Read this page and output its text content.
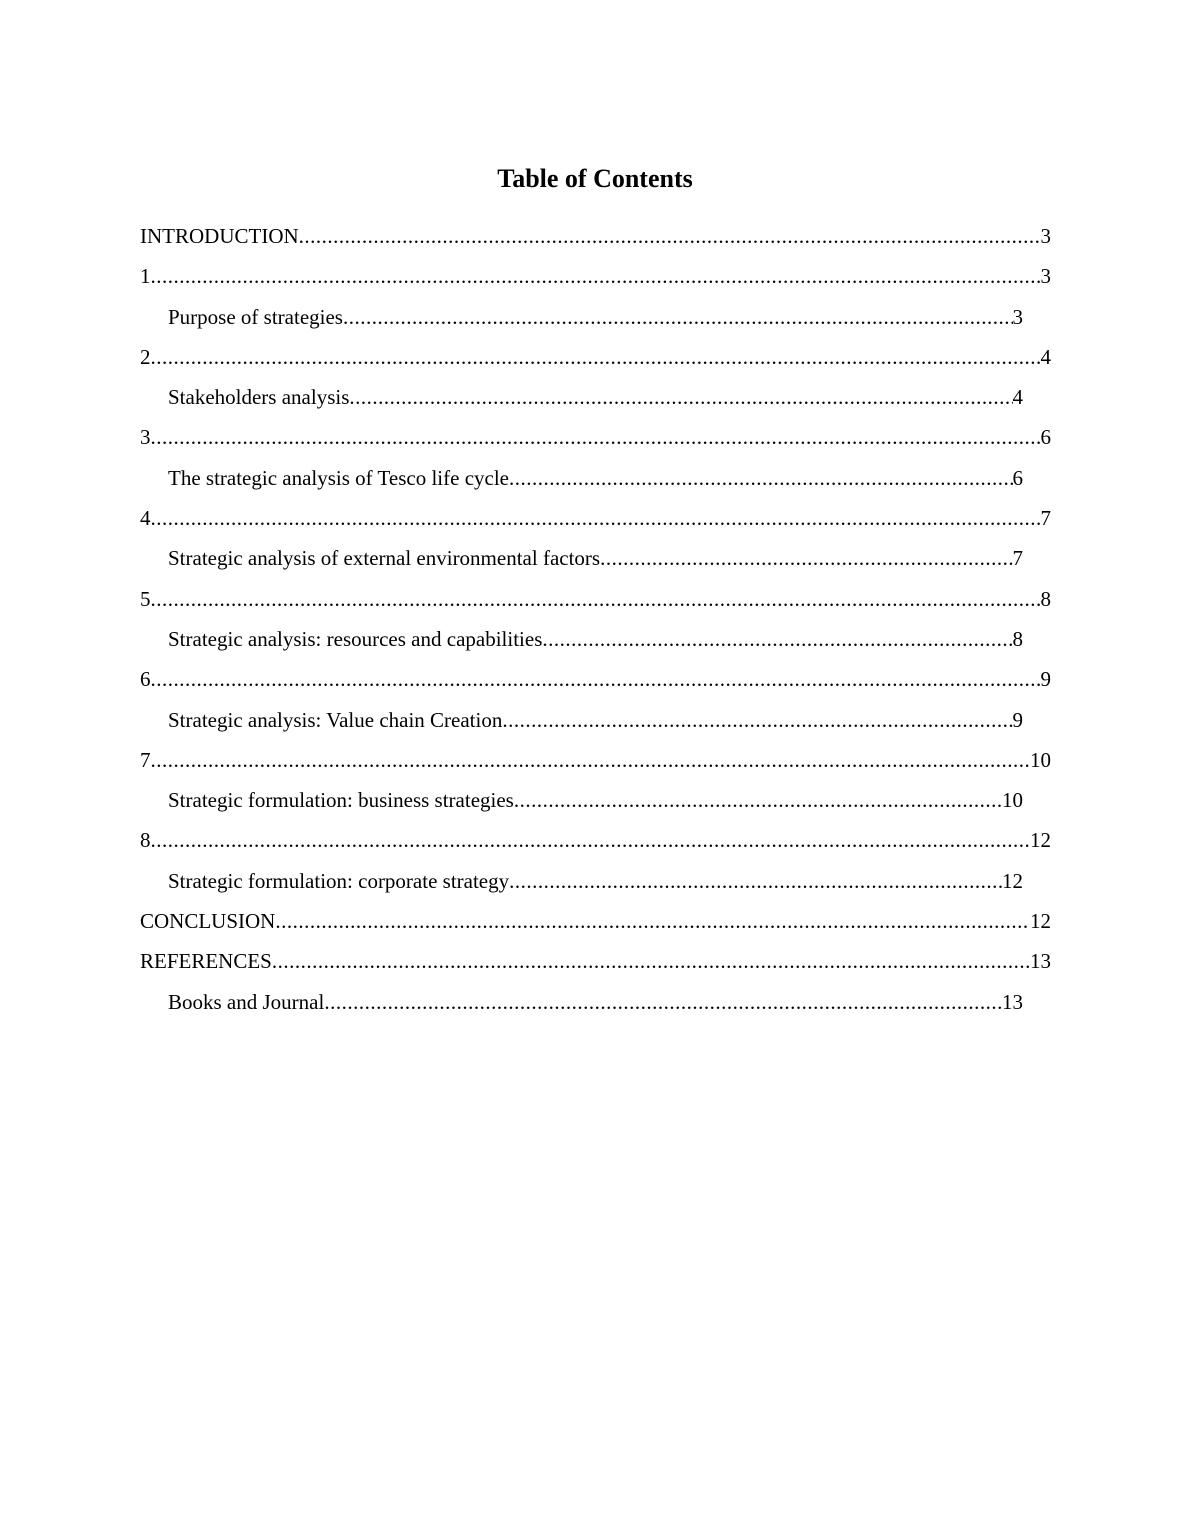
Table of Contents
INTRODUCTION .....	3
1 .....	3
Purpose of strategies .....	3
2 .....	4
Stakeholders analysis .....	4
3 .....	6
The strategic analysis of Tesco life cycle .....	6
4 .....	7
Strategic analysis of external environmental factors .....	7
5 .....	8
Strategic analysis: resources and capabilities .....	8
6 .....	9
Strategic analysis: Value chain Creation .....	9
7 .....	10
Strategic formulation: business strategies .....	10
8 .....	12
Strategic formulation: corporate strategy .....	12
CONCLUSION .....	12
REFERENCES .....	13
Books and Journal .....	13
